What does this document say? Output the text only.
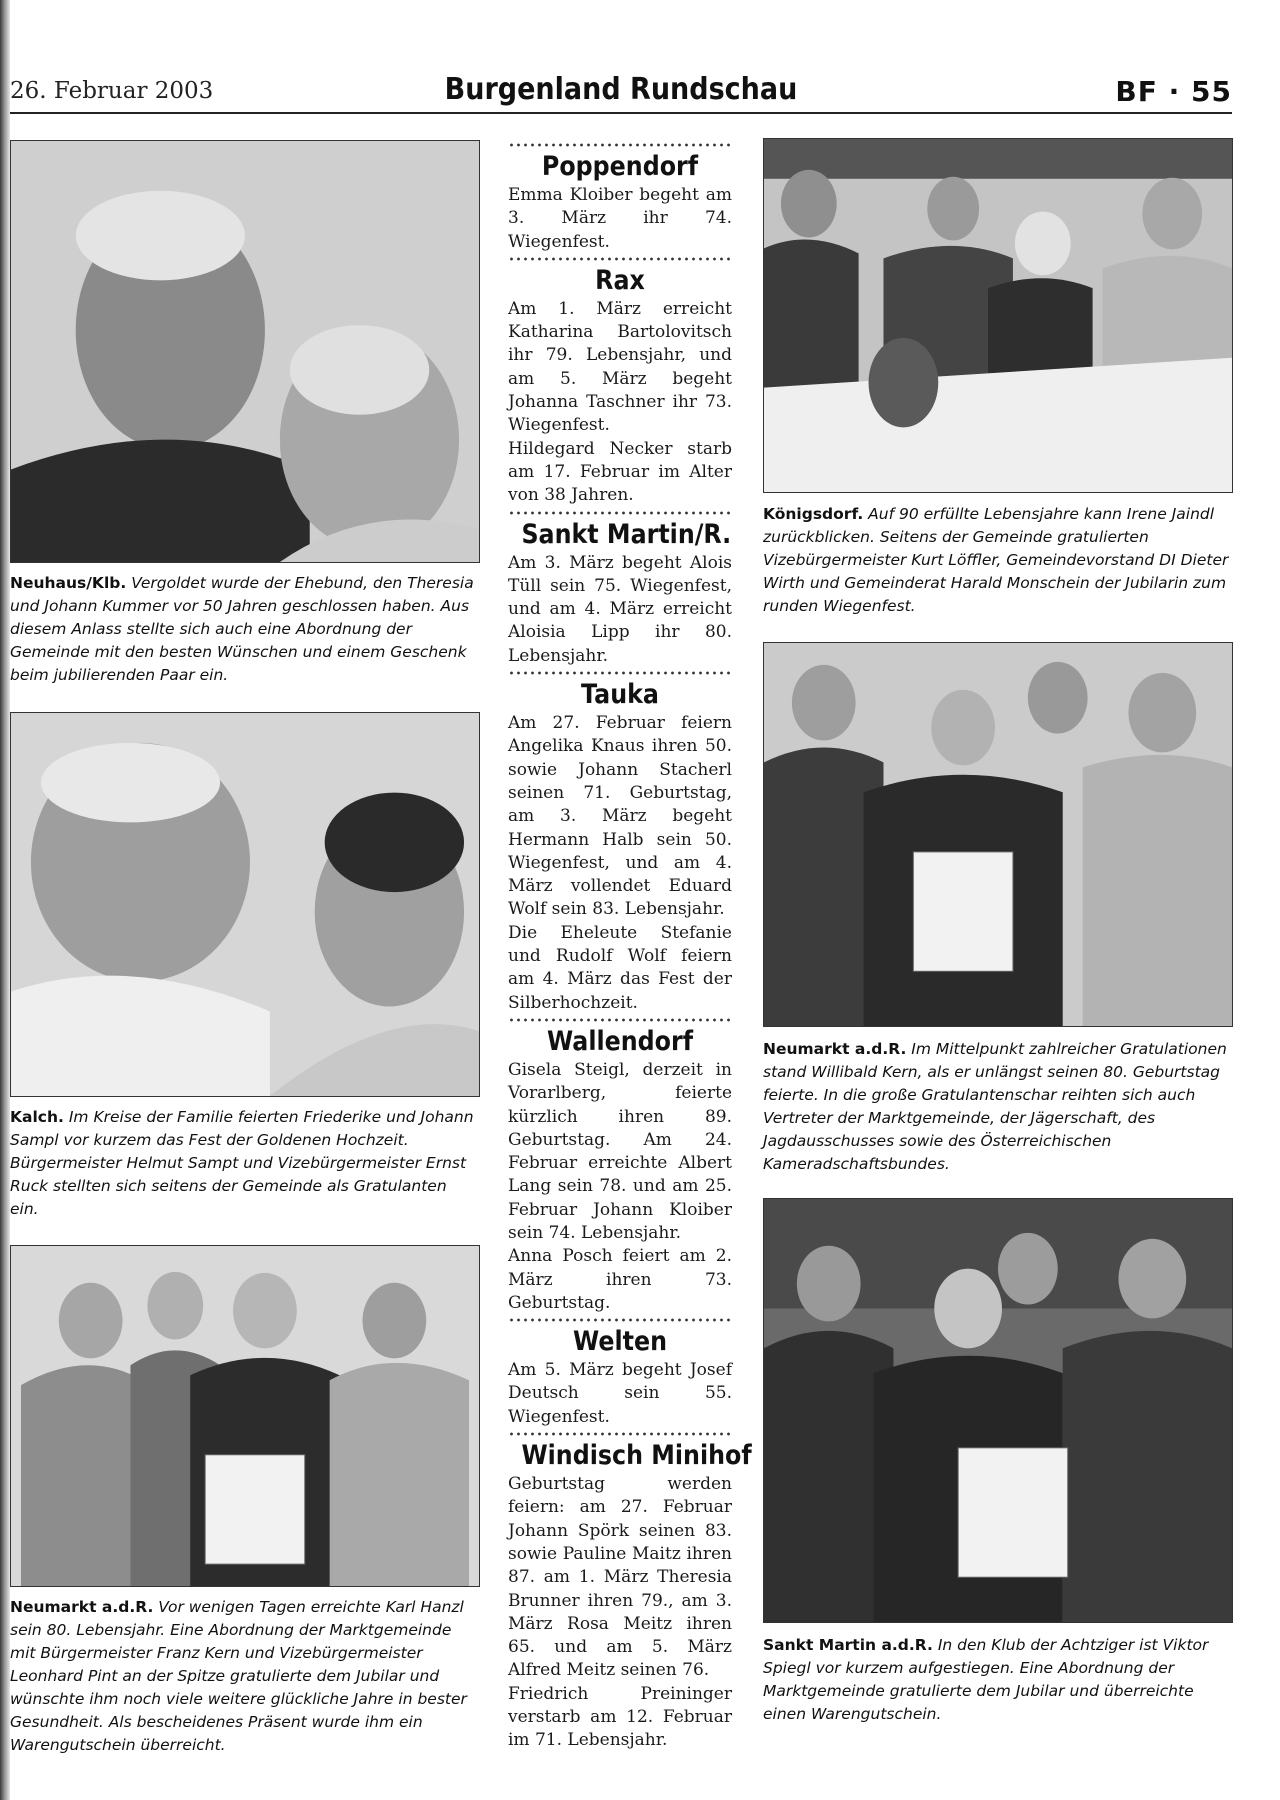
26. Februar 2003	Burgenland Rundschau	BF · 55
Neuhaus/Klb. Vergoldet wurde der Ehebund, den Theresia und Johann Kummer vor 50 Jahren geschlossen haben. Aus diesem Anlass stellte sich auch eine Abordnung der Gemeinde mit den besten Wünschen und einem Geschenk beim jubilierenden Paar ein.
Kalch. Im Kreise der Familie feierten Friederike und Johann Sampl vor kurzem das Fest der Goldenen Hochzeit. Bürgermeister Helmut Sampt und Vizebürgermeister Ernst Ruck stellten sich seitens der Gemeinde als Gratulanten ein.
Neumarkt a.d.R. Vor wenigen Tagen erreichte Karl Hanzl sein 80. Lebensjahr. Eine Abordnung der Marktgemeinde mit Bürgermeister Franz Kern und Vizebürgermeister Leonhard Pint an der Spitze gratulierte dem Jubilar und wünschte ihm noch viele weitere glückliche Jahre in bester Gesundheit. Als bescheidenes Präsent wurde ihm ein Warengutschein überreicht.
Poppendorf

Emma Kloiber begeht am 3. März ihr 74. Wiegenfest.

Rax

Am 1. März erreicht Katharina Bartolovitsch ihr 79. Lebensjahr, und am 5. März begeht Johanna Taschner ihr 73. Wiegenfest.

Hildegard Necker starb am 17. Februar im Alter von 38 Jahren.

Sankt Martin/R.

Am 3. März begeht Alois Tüll sein 75. Wiegenfest, und am 4. März erreicht Aloisia Lipp ihr 80. Lebensjahr.

Tauka

Am 27. Februar feiern Angelika Knaus ihren 50. sowie Johann Stacherl seinen 71. Geburtstag, am 3. März begeht Hermann Halb sein 50. Wiegenfest, und am 4. März vollendet Eduard Wolf sein 83. Lebensjahr.

Die Eheleute Stefanie und Rudolf Wolf feiern am 4. März das Fest der Silberhochzeit.

Wallendorf

Gisela Steigl, derzeit in Vorarlberg, feierte kürzlich ihren 89. Geburtstag. Am 24. Februar erreichte Albert Lang sein 78. und am 25. Februar Johann Kloiber sein 74. Lebensjahr.

Anna Posch feiert am 2. März ihren 73. Geburtstag.

Welten

Am 5. März begeht Josef Deutsch sein 55. Wiegenfest.

Windisch Minihof

Geburtstag werden feiern: am 27. Februar Johann Spörk seinen 83. sowie Pauline Maitz ihren 87. am 1. März Theresia Brunner ihren 79., am 3. März Rosa Meitz ihren 65. und am 5. März Alfred Meitz seinen 76.

Friedrich Preininger verstarb am 12. Februar im 71. Lebensjahr.

Königsdorf. Auf 90 erfüllte Lebensjahre kann Irene Jaindl zurückblicken. Seitens der Gemeinde gratulierten Vizebürgermeister Kurt Löffler, Gemeindevorstand DI Dieter Wirth und Gemeinderat Harald Monschein der Jubilarin zum runden Wiegenfest.
Neumarkt a.d.R. Im Mittelpunkt zahlreicher Gratulationen stand Willibald Kern, als er unlängst seinen 80. Geburtstag feierte. In die große Gratulantenschar reihten sich auch Vertreter der Marktgemeinde, der Jägerschaft, des Jagdausschusses sowie des Österreichischen Kameradschaftsbundes.
Sankt Martin a.d.R. In den Klub der Achtziger ist Viktor Spiegl vor kurzem aufgestiegen. Eine Abordnung der Marktgemeinde gratulierte dem Jubilar und überreichte einen Warengutschein.
